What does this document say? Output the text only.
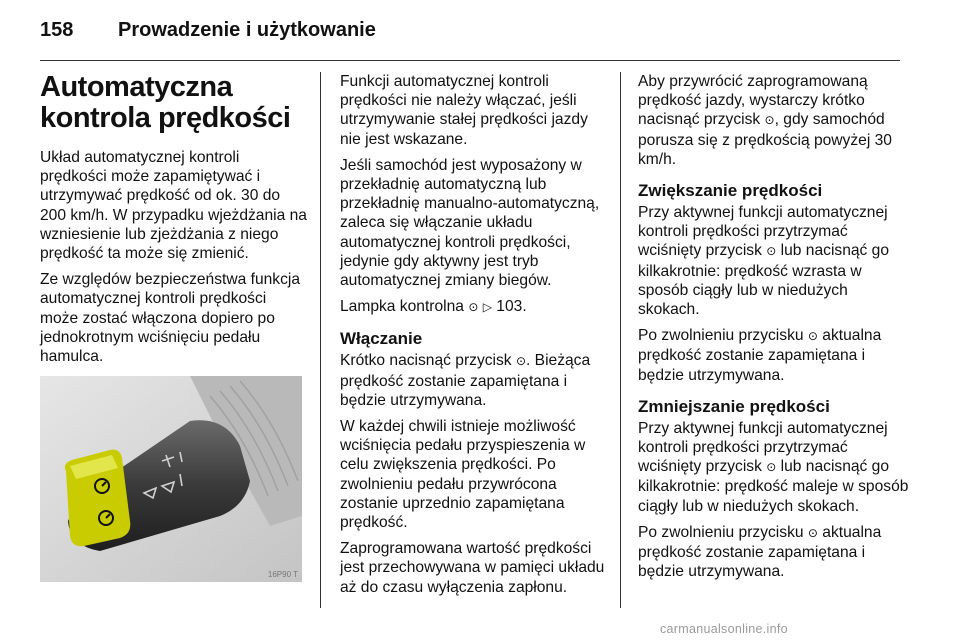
158	Prowadzenie i użytkowanie
Automatyczna kontrola prędkości

Układ automatycznej kontroli prędkości może zapamiętywać i utrzymywać prędkość od ok. 30 do 200 km/h. W przypadku wjeżdżania na wzniesienie lub zjeżdżania z niego prędkość ta może się zmienić.

Ze względów bezpieczeństwa funkcja automatycznej kontroli prędkości może zostać włączona dopiero po jednokrotnym wciśnięciu pedału hamulca.

16P90 T

Funkcji automatycznej kontroli prędkości nie należy włączać, jeśli utrzymywanie stałej prędkości jazdy nie jest wskazane.

Jeśli samochód jest wyposażony w przekładnię automatyczną lub przekładnię manualno-automatyczną, zaleca się włączanie układu automatycznej kontroli prędkości, jedynie gdy aktywny jest tryb automatycznej zmiany biegów.

Lampka kontrolna ⊙ ▷ 103.

Włączanie

Krótko nacisnąć przycisk ⊙. Bieżąca prędkość zostanie zapamiętana i będzie utrzymywana.

W każdej chwili istnieje możliwość wciśnięcia pedału przyspieszenia w celu zwiększenia prędkości. Po zwolnieniu pedału przywrócona zostanie uprzednio zapamiętana prędkość.

Zaprogramowana wartość prędkości jest przechowywana w pamięci układu aż do czasu wyłączenia zapłonu.

Aby przywrócić zaprogramowaną prędkość jazdy, wystarczy krótko nacisnąć przycisk ⊙, gdy samochód porusza się z prędkością powyżej 30 km/h.

Zwiększanie prędkości

Przy aktywnej funkcji automatycznej kontroli prędkości przytrzymać wciśnięty przycisk ⊙ lub nacisnąć go kilkakrotnie: prędkość wzrasta w sposób ciągły lub w niedużych skokach.

Po zwolnieniu przycisku ⊙ aktualna prędkość zostanie zapamiętana i będzie utrzymywana.

Zmniejszanie prędkości

Przy aktywnej funkcji automatycznej kontroli prędkości przytrzymać wciśnięty przycisk ⊙ lub nacisnąć go kilkakrotnie: prędkość maleje w sposób ciągły lub w niedużych skokach.

Po zwolnieniu przycisku ⊙ aktualna prędkość zostanie zapamiętana i będzie utrzymywana.

carmanualsonline.info
